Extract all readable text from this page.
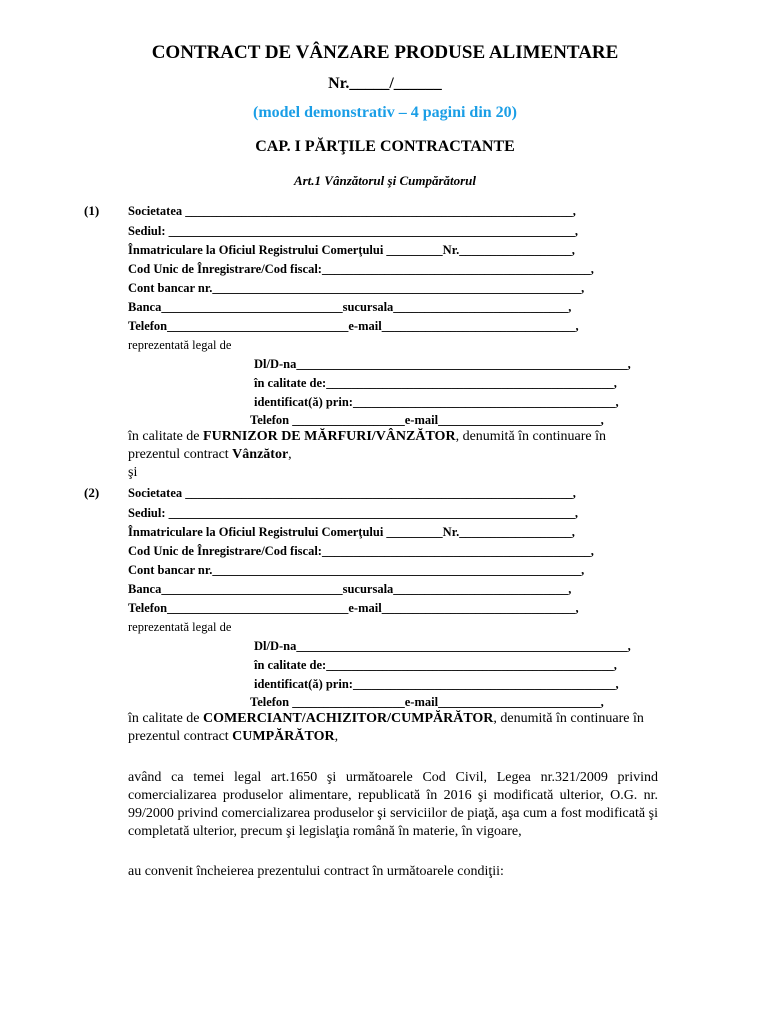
CONTRACT DE VÂNZARE PRODUSE ALIMENTARE
Nr._____/______
(model demonstrativ – 4 pagini din 20)
CAP. I PĂRŢILE CONTRACTANTE
Art.1 Vânzătorul şi Cumpărătorul
(1) Societatea ______________________________________________________________,
Sediul: _________________________________________________________________,
Înmatriculare la Oficiul Registrului Comerţului _________Nr.__________________,
Cod Unic de Înregistrare/Cod fiscal:___________________________________________,
Cont bancar nr.___________________________________________________________,
Banca_____________________________sucursala____________________________,
Telefon_____________________________e-mail_______________________________,
reprezentată legal de
Dl/D-na_____________________________________________________,
în calitate de:______________________________________________,
identificat(ă) prin:__________________________________________,
Telefon __________________e-mail__________________________,
în calitate de FURNIZOR DE MĂRFURI/VÂNZĂTOR, denumită în continuare în
prezentul contract Vânzător,
şi
(2) Societatea ______________________________________________________________,
Sediul: _________________________________________________________________,
Înmatriculare la Oficiul Registrului Comerţului _________Nr.__________________,
Cod Unic de Înregistrare/Cod fiscal:___________________________________________,
Cont bancar nr.___________________________________________________________,
Banca_____________________________sucursala____________________________,
Telefon_____________________________e-mail_______________________________,
reprezentată legal de
Dl/D-na_____________________________________________________,
în calitate de:______________________________________________,
identificat(ă) prin:__________________________________________,
Telefon __________________e-mail__________________________,
în calitate de COMERCIANT/ACHIZITOR/CUMPĂRĂTOR, denumită în continuare în
prezentul contract CUMPĂRĂTOR,
având ca temei legal art.1650 şi următoarele Cod Civil, Legea nr.321/2009 privind comercializarea produselor alimentare, republicată în 2016 şi modificată ulterior, O.G. nr. 99/2000 privind comercializarea produselor şi serviciilor de piaţă, aşa cum a fost modificată şi completată ulterior, precum şi legislaţia română în materie, în vigoare,
au convenit încheierea prezentului contract în următoarele condiţii:
